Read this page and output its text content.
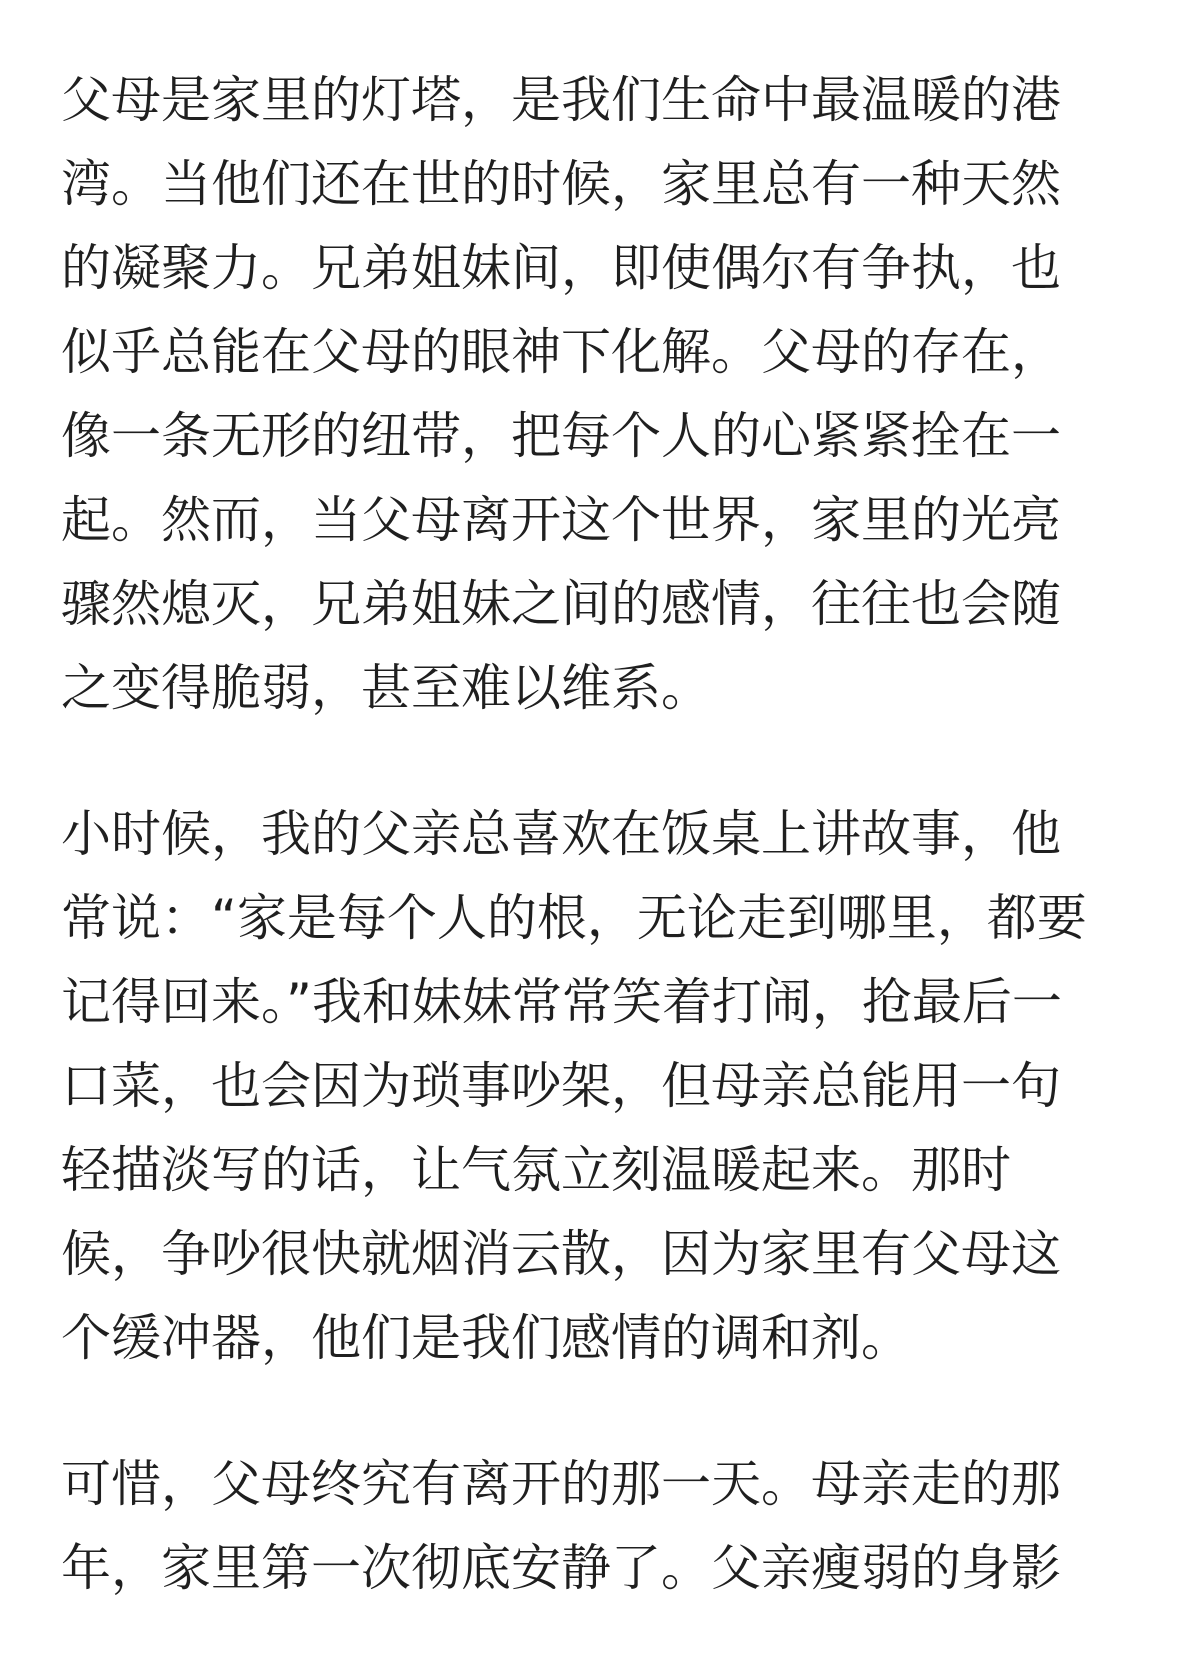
父母是家里的灯塔，是我们生命中最温暖的港
湾。当他们还在世的时候，家里总有一种天然
的凝聚力。兄弟姐妹间，即使偶尔有争执，也
似乎总能在父母的眼神下化解。父母的存在，
像一条无形的纽带，把每个人的心紧紧拴在一
起。然而，当父母离开这个世界，家里的光亮
骤然熄灭，兄弟姐妹之间的感情，往往也会随
之变得脆弱，甚至难以维系。
小时候，我的父亲总喜欢在饭桌上讲故事，他
常说：“家是每个人的根，无论走到哪里，都要
记得回来。”我和妹妹常常笑着打闹，抢最后一
口菜，也会因为琐事吵架，但母亲总能用一句
轻描淡写的话，让气氛立刻温暖起来。那时
候，争吵很快就烟消云散，因为家里有父母这
个缓冲器，他们是我们感情的调和剂。
可惜，父母终究有离开的那一天。母亲走的那
年，家里第一次彻底安静了。父亲瘦弱的身影
